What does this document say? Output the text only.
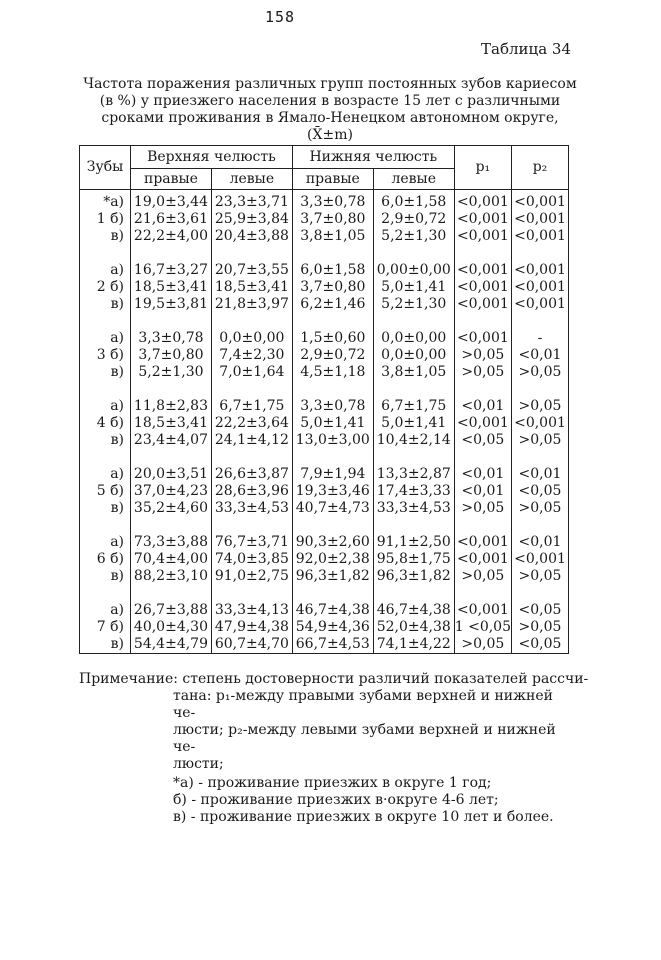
158
Таблица 34
Частота поражения различных групп постоянных зубов кариесом
(в %) у приезжего населения в возрасте 15 лет с различными
сроками проживания в Ямало-Ненецком автономном округе,
(X̄±m)
Зубы	Верхняя челюсть		Нижняя челюсть		p₁	p₂
	правые	левые	правые	левые		
*а)	19,0±3,44	23,3±3,71	3,3±0,78	6,0±1,58	<0,001	<0,001
1 б)	21,6±3,61	25,9±3,84	3,7±0,80	2,9±0,72	<0,001	<0,001
в)	22,2±4,00	20,4±3,88	3,8±1,05	5,2±1,30	<0,001	<0,001

а)	16,7±3,27	20,7±3,55	6,0±1,58	0,00±0,00	<0,001	<0,001
2 б)	18,5±3,41	18,5±3,41	3,7±0,80	5,0±1,41	<0,001	<0,001
в)	19,5±3,81	21,8±3,97	6,2±1,46	5,2±1,30	<0,001	<0,001

а)	3,3±0,78	0,0±0,00	1,5±0,60	0,0±0,00	<0,001	-
3 б)	3,7±0,80	7,4±2,30	2,9±0,72	0,0±0,00	>0,05	<0,01
в)	5,2±1,30	7,0±1,64	4,5±1,18	3,8±1,05	>0,05	>0,05

а)	11,8±2,83	6,7±1,75	3,3±0,78	6,7±1,75	<0,01	>0,05
4 б)	18,5±3,41	22,2±3,64	5,0±1,41	5,0±1,41	<0,001	<0,001
в)	23,4±4,07	24,1±4,12	13,0±3,00	10,4±2,14	<0,05	>0,05

а)	20,0±3,51	26,6±3,87	7,9±1,94	13,3±2,87	<0,01	<0,01
5 б)	37,0±4,23	28,6±3,96	19,3±3,46	17,4±3,33	<0,01	<0,05
в)	35,2±4,60	33,3±4,53	40,7±4,73	33,3±4,53	>0,05	>0,05

а)	73,3±3,88	76,7±3,71	90,3±2,60	91,1±2,50	<0,001	<0,01
6 б)	70,4±4,00	74,0±3,85	92,0±2,38	95,8±1,75	<0,001	<0,001
в)	88,2±3,10	91,0±2,75	96,3±1,82	96,3±1,82	>0,05	>0,05

а)	26,7±3,88	33,3±4,13	46,7±4,38	46,7±4,38	<0,001	<0,05
7 б)	40,0±4,30	47,9±4,38	54,9±4,36	52,0±4,38	1 <0,05	>0,05
в)	54,4±4,79	60,7±4,70	66,7±4,53	74,1±4,22	>0,05	<0,05
Примечание: степень достоверности различий показателей рассчи-
тана: p₁-между правыми зубами верхней и нижней че-
люсти; p₂-между левыми зубами верхней и нижней че-
люсти;
*а) - проживание приезжих в округе 1 год;
б) - проживание приезжих в·округе 4-6 лет;
в) - проживание приезжих в округе 10 лет и более.
